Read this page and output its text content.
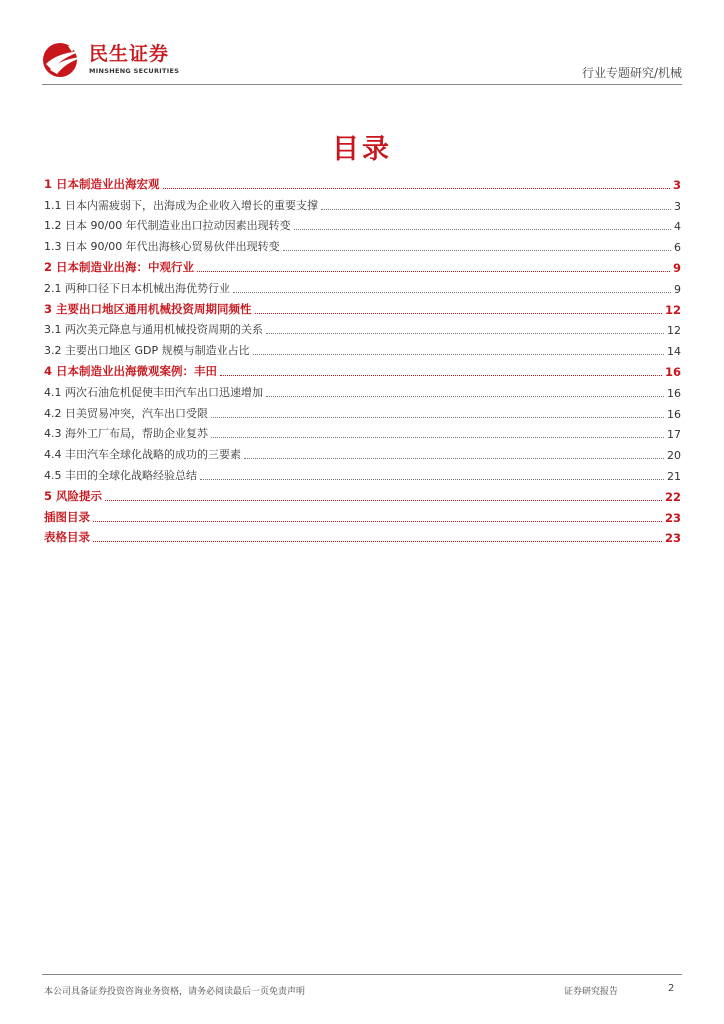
民生证券
MINSHENG SECURITIES	行业专题研究/机械
目录
1 日本制造业出海宏观	3
1.1 日本内需疲弱下，出海成为企业收入增长的重要支撑	3
1.2 日本 90/00 年代制造业出口拉动因素出现转变	4
1.3 日本 90/00 年代出海核心贸易伙伴出现转变	6
2 日本制造业出海：中观行业	9
2.1 两种口径下日本机械出海优势行业	9
3 主要出口地区通用机械投资周期同频性	12
3.1 两次美元降息与通用机械投资周期的关系	12
3.2 主要出口地区 GDP 规模与制造业占比	14
4 日本制造业出海微观案例：丰田	16
4.1 两次石油危机促使丰田汽车出口迅速增加	16
4.2 日美贸易冲突，汽车出口受限	16
4.3 海外工厂布局，帮助企业复苏	17
4.4 丰田汽车全球化战略的成功的三要素	20
4.5 丰田的全球化战略经验总结	21
5 风险提示	22
插图目录	23
表格目录	23
本公司具备证券投资咨询业务资格，请务必阅读最后一页免责声明	证券研究报告	2
